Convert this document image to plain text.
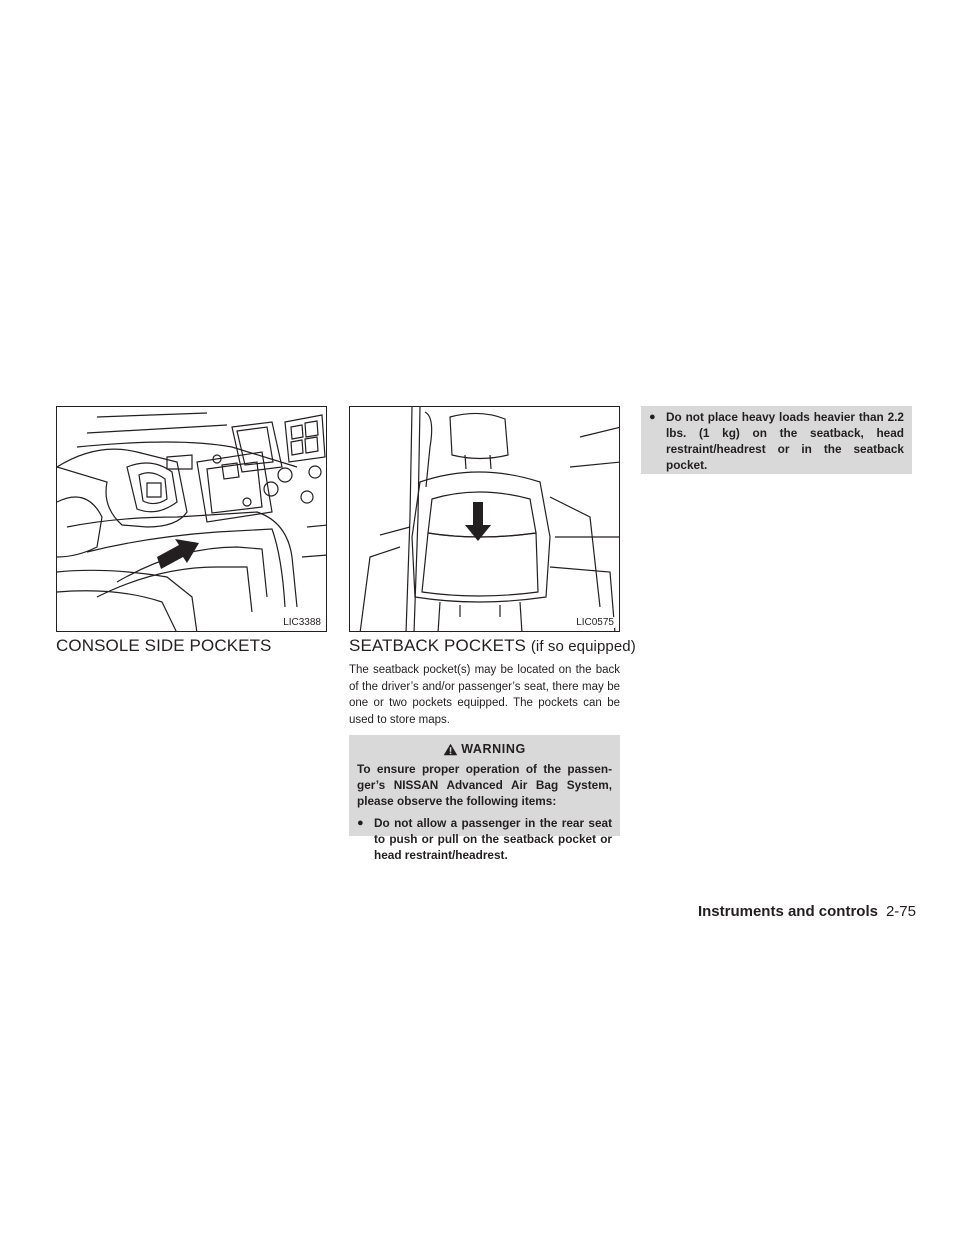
LIC3388	LIC0575
CONSOLE SIDE POCKETS	SEATBACK POCKETS (if so equipped)

The seatback pocket(s) may be located on the back of the driver’s and/or passenger’s seat, there may be one or two pockets equipped. The pockets can be used to store maps.

WARNING

To ensure proper operation of the passen-ger’s NISSAN Advanced Air Bag System, please observe the following items:

● Do not allow a passenger in the rear seat to push or pull on the seatback pocket or head restraint/headrest.
● Do not place heavy loads heavier than 2.2 lbs. (1 kg) on the seatback, head restraint/headrest or in the seatback pocket.
Instruments and controls 2-75
